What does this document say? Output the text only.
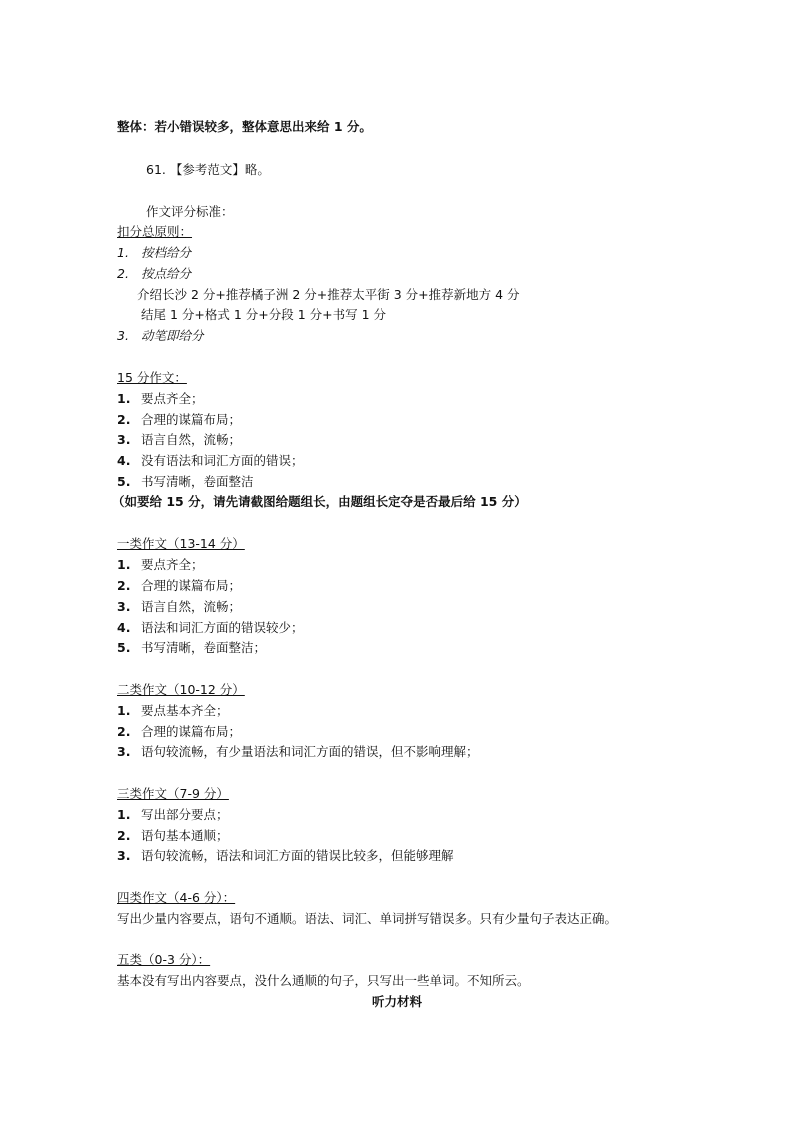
整体：若小错误较多，整体意思出来给 1 分。
61. 【参考范文】略。
作文评分标准：
扣分总原则：
1. 按档给分
2. 按点给分
介绍长沙 2 分+推荐橘子洲 2 分+推荐太平街 3 分+推荐新地方 4 分
结尾 1 分+格式 1 分+分段 1 分+书写 1 分
3. 动笔即给分
15 分作文：
1. 要点齐全；
2. 合理的谋篇布局；
3. 语言自然，流畅；
4. 没有语法和词汇方面的错误；
5. 书写清晰，卷面整洁
（如要给 15 分，请先请截图给题组长，由题组长定夺是否最后给 15 分）
一类作文（13-14 分）
1. 要点齐全；
2. 合理的谋篇布局；
3. 语言自然，流畅；
4. 语法和词汇方面的错误较少；
5. 书写清晰，卷面整洁；
二类作文（10-12 分）
1. 要点基本齐全；
2. 合理的谋篇布局；
3. 语句较流畅，有少量语法和词汇方面的错误，但不影响理解；
三类作文（7-9 分）
1. 写出部分要点；
2. 语句基本通顺；
3. 语句较流畅，语法和词汇方面的错误比较多，但能够理解
四类作文（4-6 分）：
写出少量内容要点，语句不通顺。语法、词汇、单词拼写错误多。只有少量句子表达正确。
五类（0-3 分）：
基本没有写出内容要点，没什么通顺的句子，只写出一些单词。不知所云。
听力材料
